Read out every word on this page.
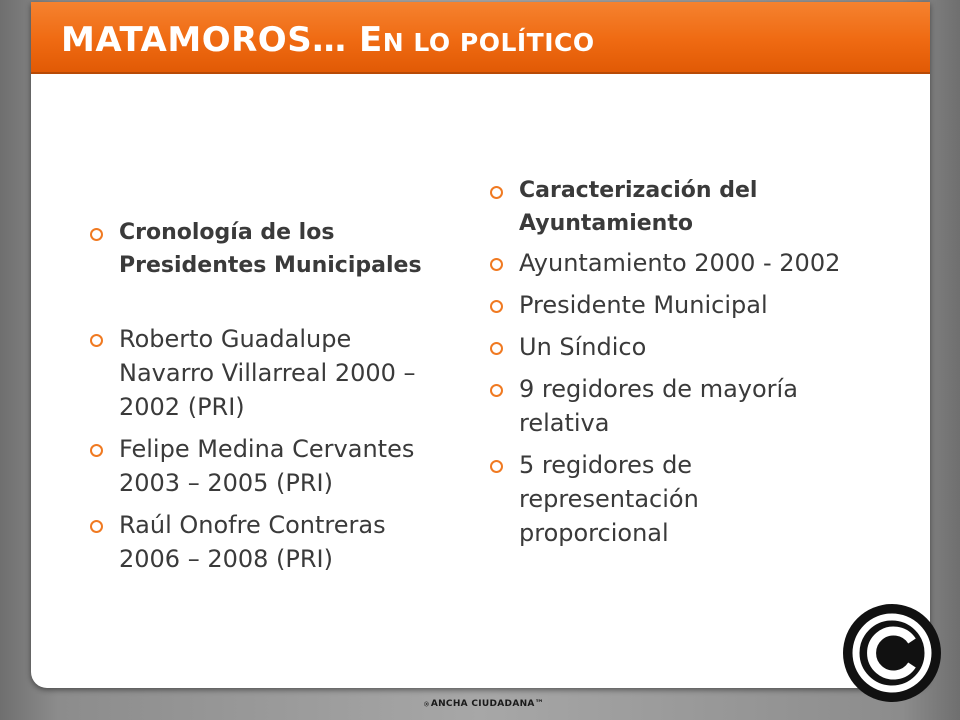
MATAMOROS… EN LO POLÍTICO
Cronología de los Presidentes Municipales
Roberto Guadalupe Navarro Villarreal 2000 – 2002 (PRI)
Felipe Medina Cervantes 2003 – 2005 (PRI)
Raúl Onofre Contreras 2006 – 2008 (PRI)
Caracterización del Ayuntamiento
Ayuntamiento 2000 - 2002
Presidente Municipal
Un Síndico
9 regidores de mayoría relativa
5 regidores de representación proporcional
ANCHA CIUDADANA™
